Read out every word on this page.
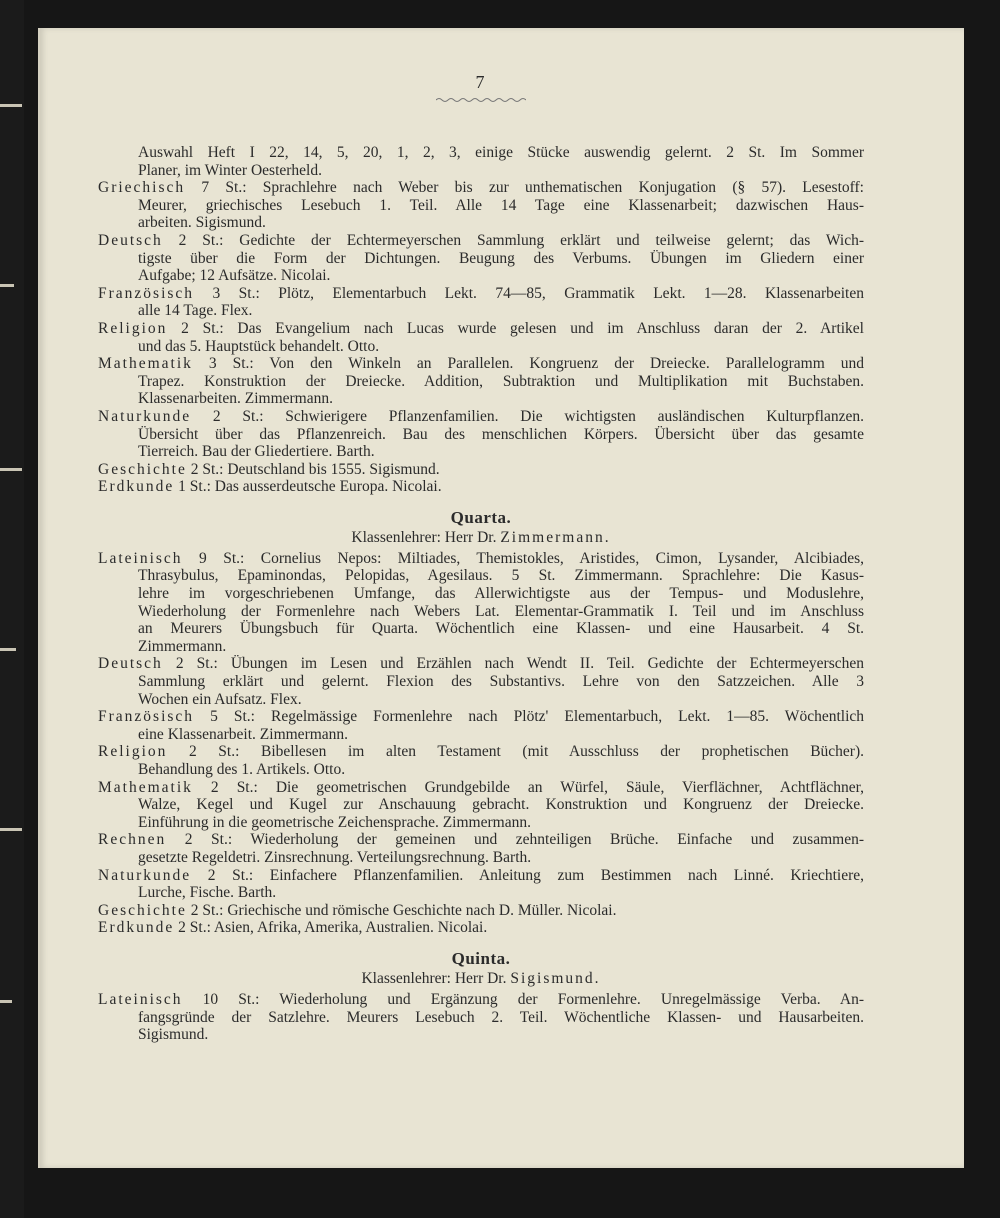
7
Auswahl Heft I 22, 14, 5, 20, 1, 2, 3, einige Stücke auswendig gelernt. 2 St. Im Sommer
Planer, im Winter Oesterheld.
Griechisch 7 St.: Sprachlehre nach Weber bis zur unthematischen Konjugation (§ 57). Lesestoff:
Meurer, griechisches Lesebuch 1. Teil. Alle 14 Tage eine Klassenarbeit; dazwischen Haus-
arbeiten. Sigismund.
Deutsch 2 St.: Gedichte der Echtermeyerschen Sammlung erklärt und teilweise gelernt; das Wich-
tigste über die Form der Dichtungen. Beugung des Verbums. Übungen im Gliedern einer
Aufgabe; 12 Aufsätze. Nicolai.
Französisch 3 St.: Plötz, Elementarbuch Lekt. 74—85, Grammatik Lekt. 1—28. Klassenarbeiten
alle 14 Tage. Flex.
Religion 2 St.: Das Evangelium nach Lucas wurde gelesen und im Anschluss daran der 2. Artikel
und das 5. Hauptstück behandelt. Otto.
Mathematik 3 St.: Von den Winkeln an Parallelen. Kongruenz der Dreiecke. Parallelogramm und
Trapez. Konstruktion der Dreiecke. Addition, Subtraktion und Multiplikation mit Buchstaben.
Klassenarbeiten. Zimmermann.
Naturkunde 2 St.: Schwierigere Pflanzenfamilien. Die wichtigsten ausländischen Kulturpflanzen.
Übersicht über das Pflanzenreich. Bau des menschlichen Körpers. Übersicht über das gesamte
Tierreich. Bau der Gliedertiere. Barth.
Geschichte 2 St.: Deutschland bis 1555. Sigismund.
Erdkunde 1 St.: Das ausserdeutsche Europa. Nicolai.
Quarta.
Klassenlehrer: Herr Dr. Zimmermann.
Lateinisch 9 St.: Cornelius Nepos: Miltiades, Themistokles, Aristides, Cimon, Lysander, Alcibiades,
Thrasybulus, Epaminondas, Pelopidas, Agesilaus. 5 St. Zimmermann. Sprachlehre: Die Kasus-
lehre im vorgeschriebenen Umfange, das Allerwichtigste aus der Tempus- und Moduslehre,
Wiederholung der Formenlehre nach Webers Lat. Elementar-Grammatik I. Teil und im Anschluss
an Meurers Übungsbuch für Quarta. Wöchentlich eine Klassen- und eine Hausarbeit. 4 St.
Zimmermann.
Deutsch 2 St.: Übungen im Lesen und Erzählen nach Wendt II. Teil. Gedichte der Echtermeyerschen
Sammlung erklärt und gelernt. Flexion des Substantivs. Lehre von den Satzzeichen. Alle 3
Wochen ein Aufsatz. Flex.
Französisch 5 St.: Regelmässige Formenlehre nach Plötz' Elementarbuch, Lekt. 1—85. Wöchentlich
eine Klassenarbeit. Zimmermann.
Religion 2 St.: Bibellesen im alten Testament (mit Ausschluss der prophetischen Bücher).
Behandlung des 1. Artikels. Otto.
Mathematik 2 St.: Die geometrischen Grundgebilde an Würfel, Säule, Vierflächner, Achtflächner,
Walze, Kegel und Kugel zur Anschauung gebracht. Konstruktion und Kongruenz der Dreiecke.
Einführung in die geometrische Zeichensprache. Zimmermann.
Rechnen 2 St.: Wiederholung der gemeinen und zehnteiligen Brüche. Einfache und zusammen-
gesetzte Regeldetri. Zinsrechnung. Verteilungsrechnung. Barth.
Naturkunde 2 St.: Einfachere Pflanzenfamilien. Anleitung zum Bestimmen nach Linné. Kriechtiere,
Lurche, Fische. Barth.
Geschichte 2 St.: Griechische und römische Geschichte nach D. Müller. Nicolai.
Erdkunde 2 St.: Asien, Afrika, Amerika, Australien. Nicolai.
Quinta.
Klassenlehrer: Herr Dr. Sigismund.
Lateinisch 10 St.: Wiederholung und Ergänzung der Formenlehre. Unregelmässige Verba. An-
fangsgründe der Satzlehre. Meurers Lesebuch 2. Teil. Wöchentliche Klassen- und Hausarbeiten.
Sigismund.
